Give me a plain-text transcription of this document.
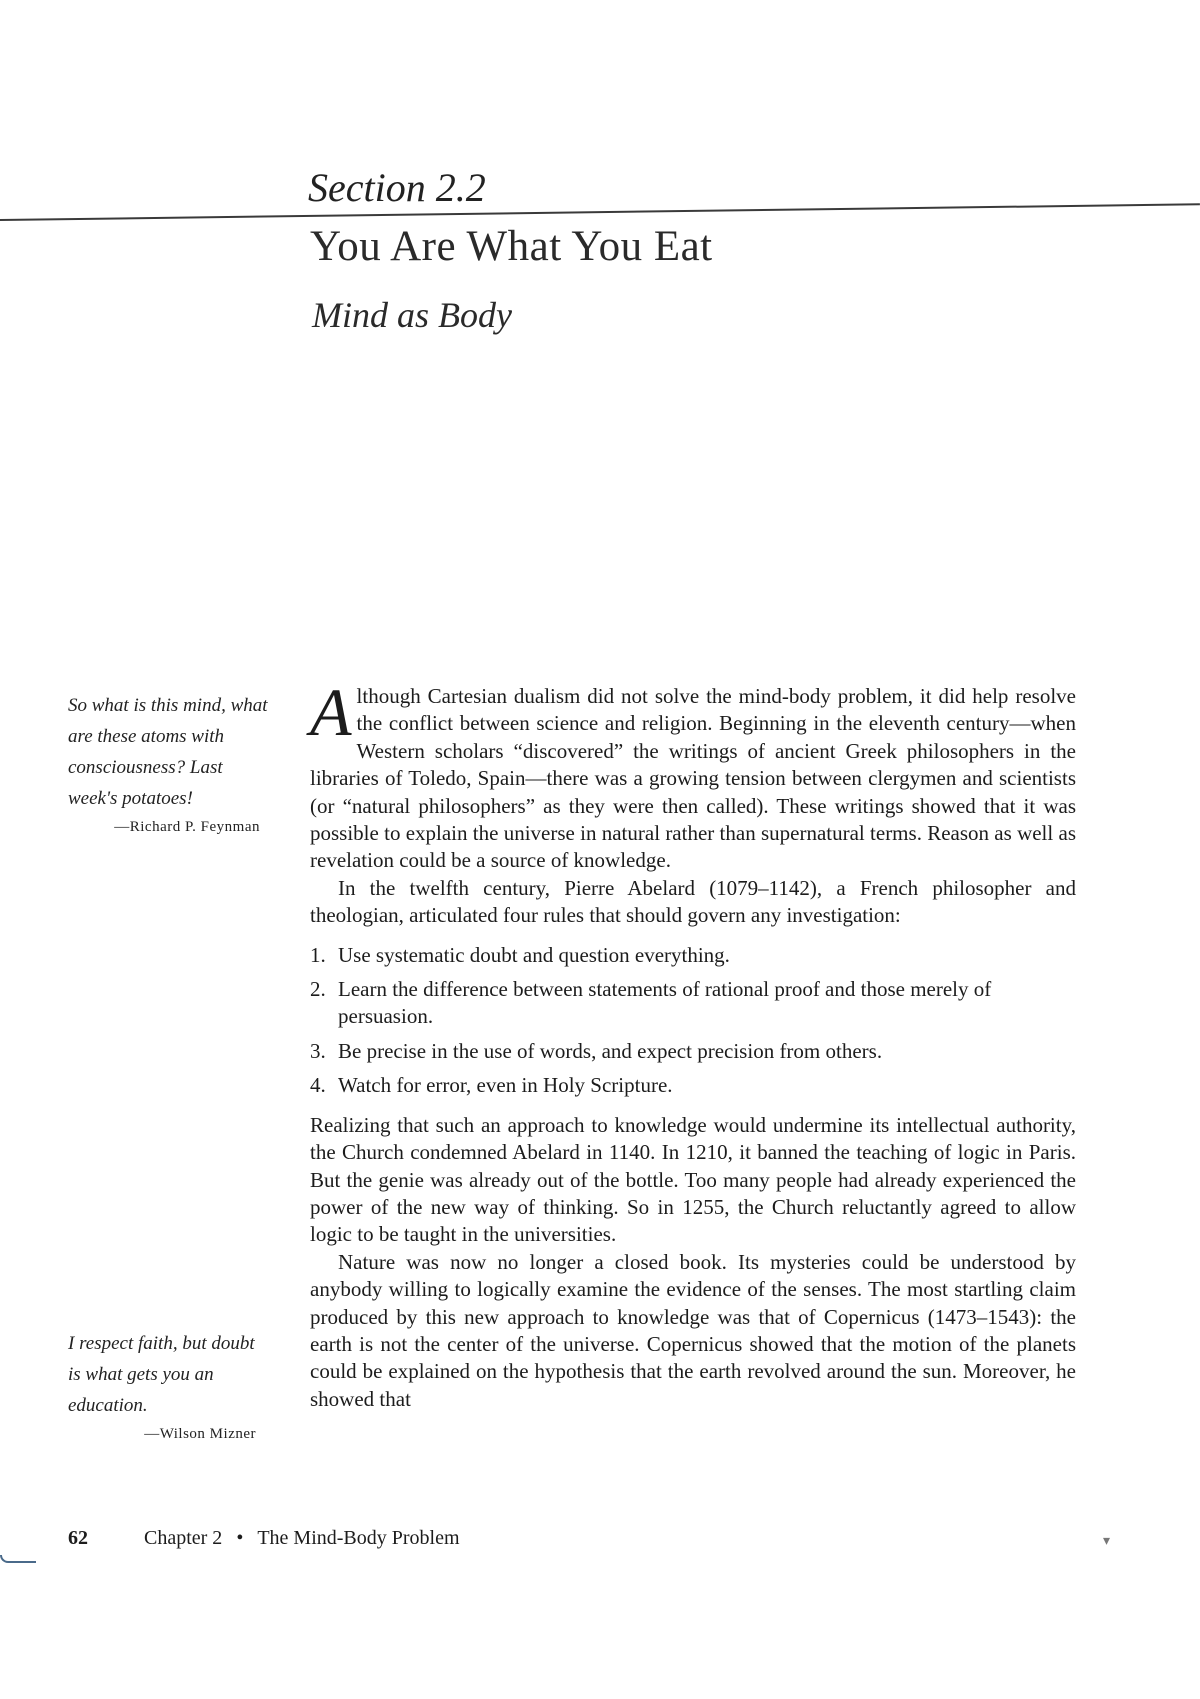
Section 2.2
You Are What You Eat
Mind as Body
So what is this mind, what are these atoms with consciousness? Last week's potatoes!
—Richard P. Feynman
I respect faith, but doubt is what gets you an education.
—Wilson Mizner

Although Cartesian dualism did not solve the mind-body problem, it did help resolve the conflict between science and religion. Beginning in the eleventh century—when Western scholars “discovered” the writings of ancient Greek philosophers in the libraries of Toledo, Spain—there was a growing tension between clergymen and scientists (or “natural philosophers” as they were then called). These writings showed that it was possible to explain the universe in natural rather than supernatural terms. Reason as well as revelation could be a source of knowledge.

In the twelfth century, Pierre Abelard (1079–1142), a French philosopher and theologian, articulated four rules that should govern any investigation:

1. Use systematic doubt and question everything.
2. Learn the difference between statements of rational proof and those merely of persuasion.
3. Be precise in the use of words, and expect precision from others.
4. Watch for error, even in Holy Scripture.

Realizing that such an approach to knowledge would undermine its intellectual authority, the Church condemned Abelard in 1140. In 1210, it banned the teaching of logic in Paris. But the genie was already out of the bottle. Too many people had already experienced the power of the new way of thinking. So in 1255, the Church reluctantly agreed to allow logic to be taught in the universities.

Nature was now no longer a closed book. Its mysteries could be understood by anybody willing to logically examine the evidence of the senses. The most startling claim produced by this new approach to knowledge was that of Copernicus (1473–1543): the earth is not the center of the universe. Copernicus showed that the motion of the planets could be explained on the hypothesis that the earth revolved around the sun. Moreover, he showed that

62	Chapter 2 • The Mind-Body Problem	▾
